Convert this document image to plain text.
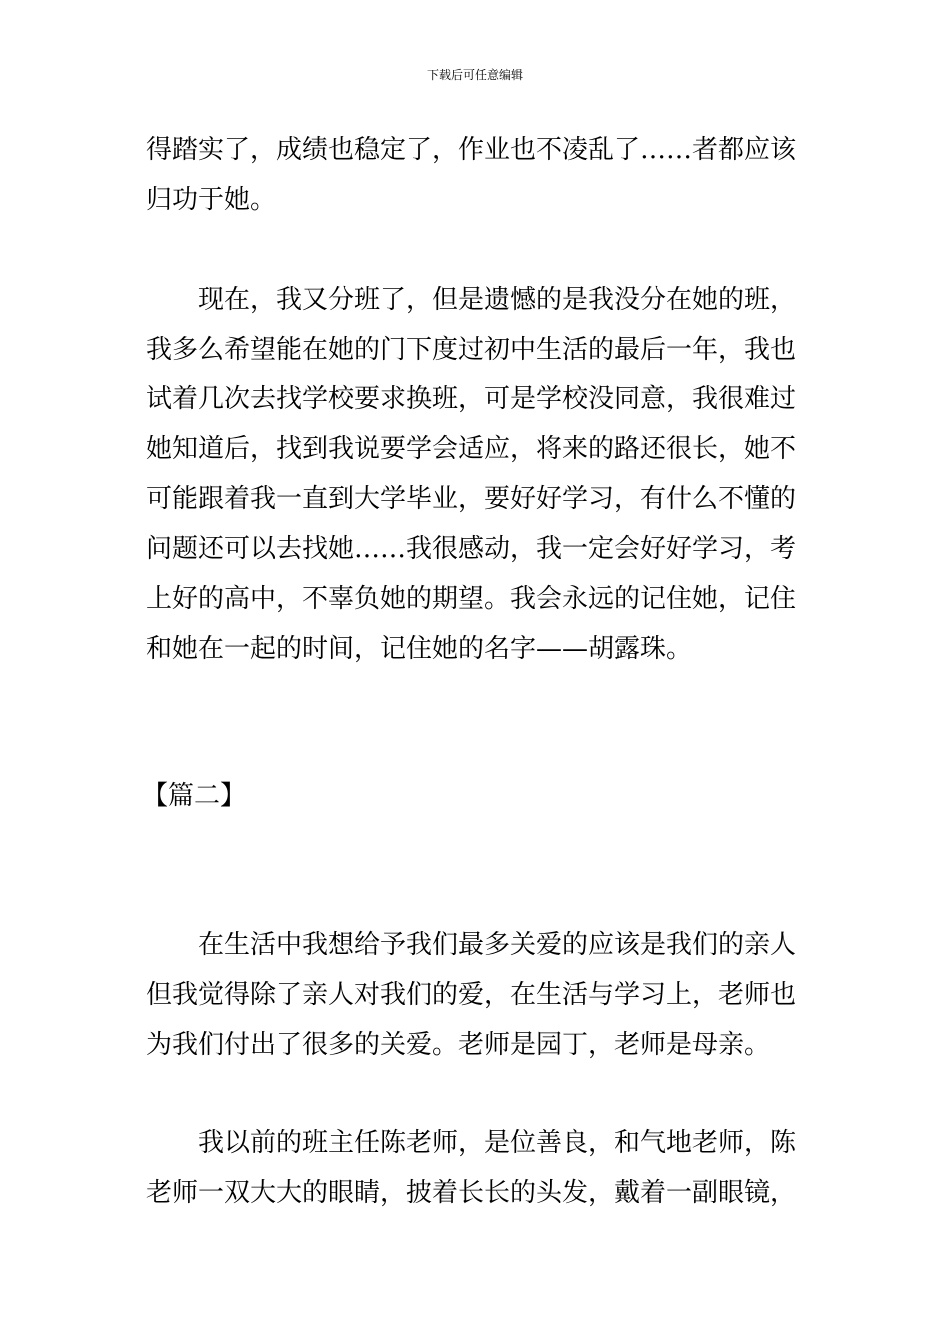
下载后可任意编辑
得踏实了，成绩也稳定了，作业也不凌乱了……者都应该
归功于她。
现在，我又分班了，但是遗憾的是我没分在她的班，
我多么希望能在她的门下度过初中生活的最后一年，我也
试着几次去找学校要求换班，可是学校没同意，我很难过
她知道后，找到我说要学会适应，将来的路还很长，她不
可能跟着我一直到大学毕业，要好好学习，有什么不懂的
问题还可以去找她……我很感动，我一定会好好学习，考
上好的高中，不辜负她的期望。我会永远的记住她，记住
和她在一起的时间，记住她的名字——胡露珠。
【篇二】
在生活中我想给予我们最多关爱的应该是我们的亲人
但我觉得除了亲人对我们的爱，在生活与学习上，老师也
为我们付出了很多的关爱。老师是园丁，老师是母亲。
我以前的班主任陈老师，是位善良，和气地老师，陈
老师一双大大的眼睛，披着长长的头发，戴着一副眼镜，
